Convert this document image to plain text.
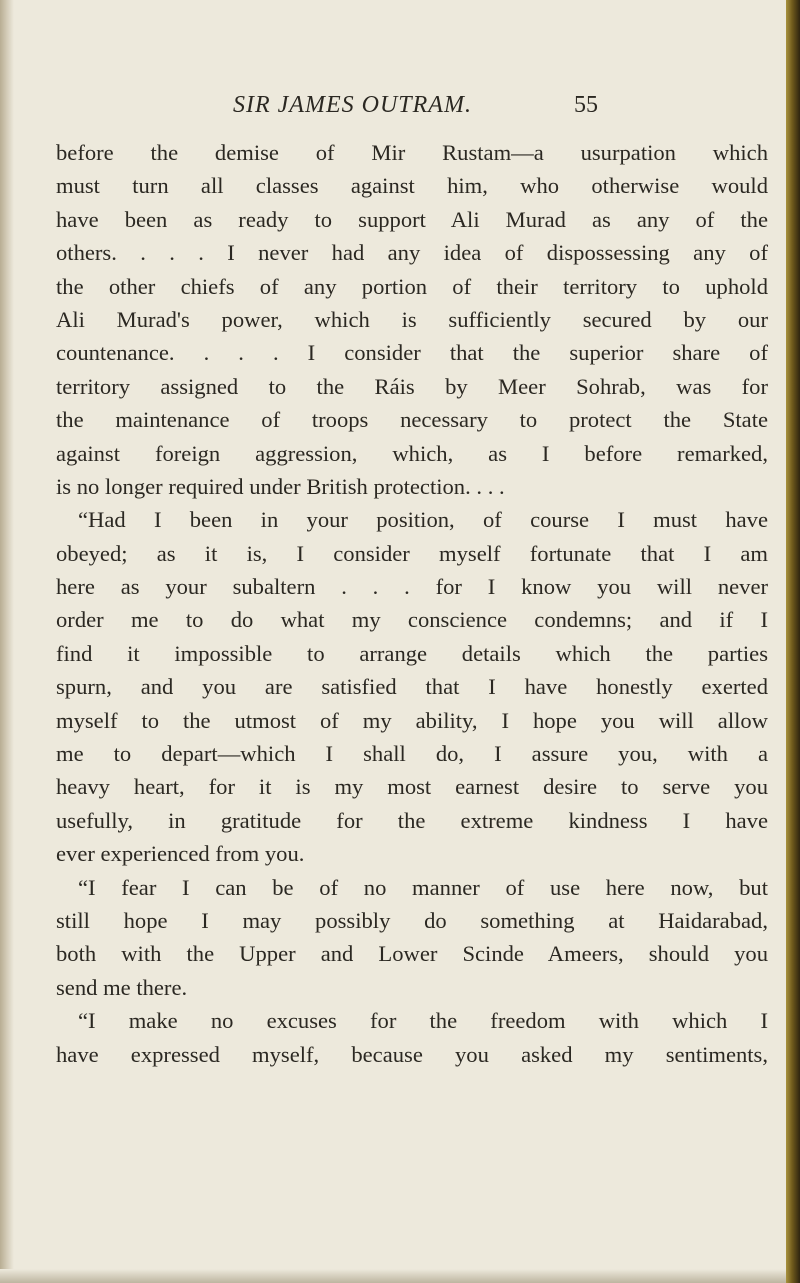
SIR JAMES OUTRAM.	55
before the demise of Mir Rustam—a usurpation which
must turn all classes against him, who otherwise would
have been as ready to support Ali Murad as any of the
others. . . . I never had any idea of dispossessing any of
the other chiefs of any portion of their territory to uphold
Ali Murad's power, which is sufficiently secured by our
countenance. . . . I consider that the superior share of
territory assigned to the Ráis by Meer Sohrab, was for
the maintenance of troops necessary to protect the State
against foreign aggression, which, as I before remarked,
is no longer required under British protection. . . .
“Had I been in your position, of course I must have
obeyed; as it is, I consider myself fortunate that I am
here as your subaltern . . . for I know you will never
order me to do what my conscience condemns; and if I
find it impossible to arrange details which the parties
spurn, and you are satisfied that I have honestly exerted
myself to the utmost of my ability, I hope you will allow
me to depart—which I shall do, I assure you, with a
heavy heart, for it is my most earnest desire to serve you
usefully, in gratitude for the extreme kindness I have
ever experienced from you.
“I fear I can be of no manner of use here now, but
still hope I may possibly do something at Haidarabad,
both with the Upper and Lower Scinde Ameers, should you
send me there.
“I make no excuses for the freedom with which I
have expressed myself, because you asked my sentiments,
